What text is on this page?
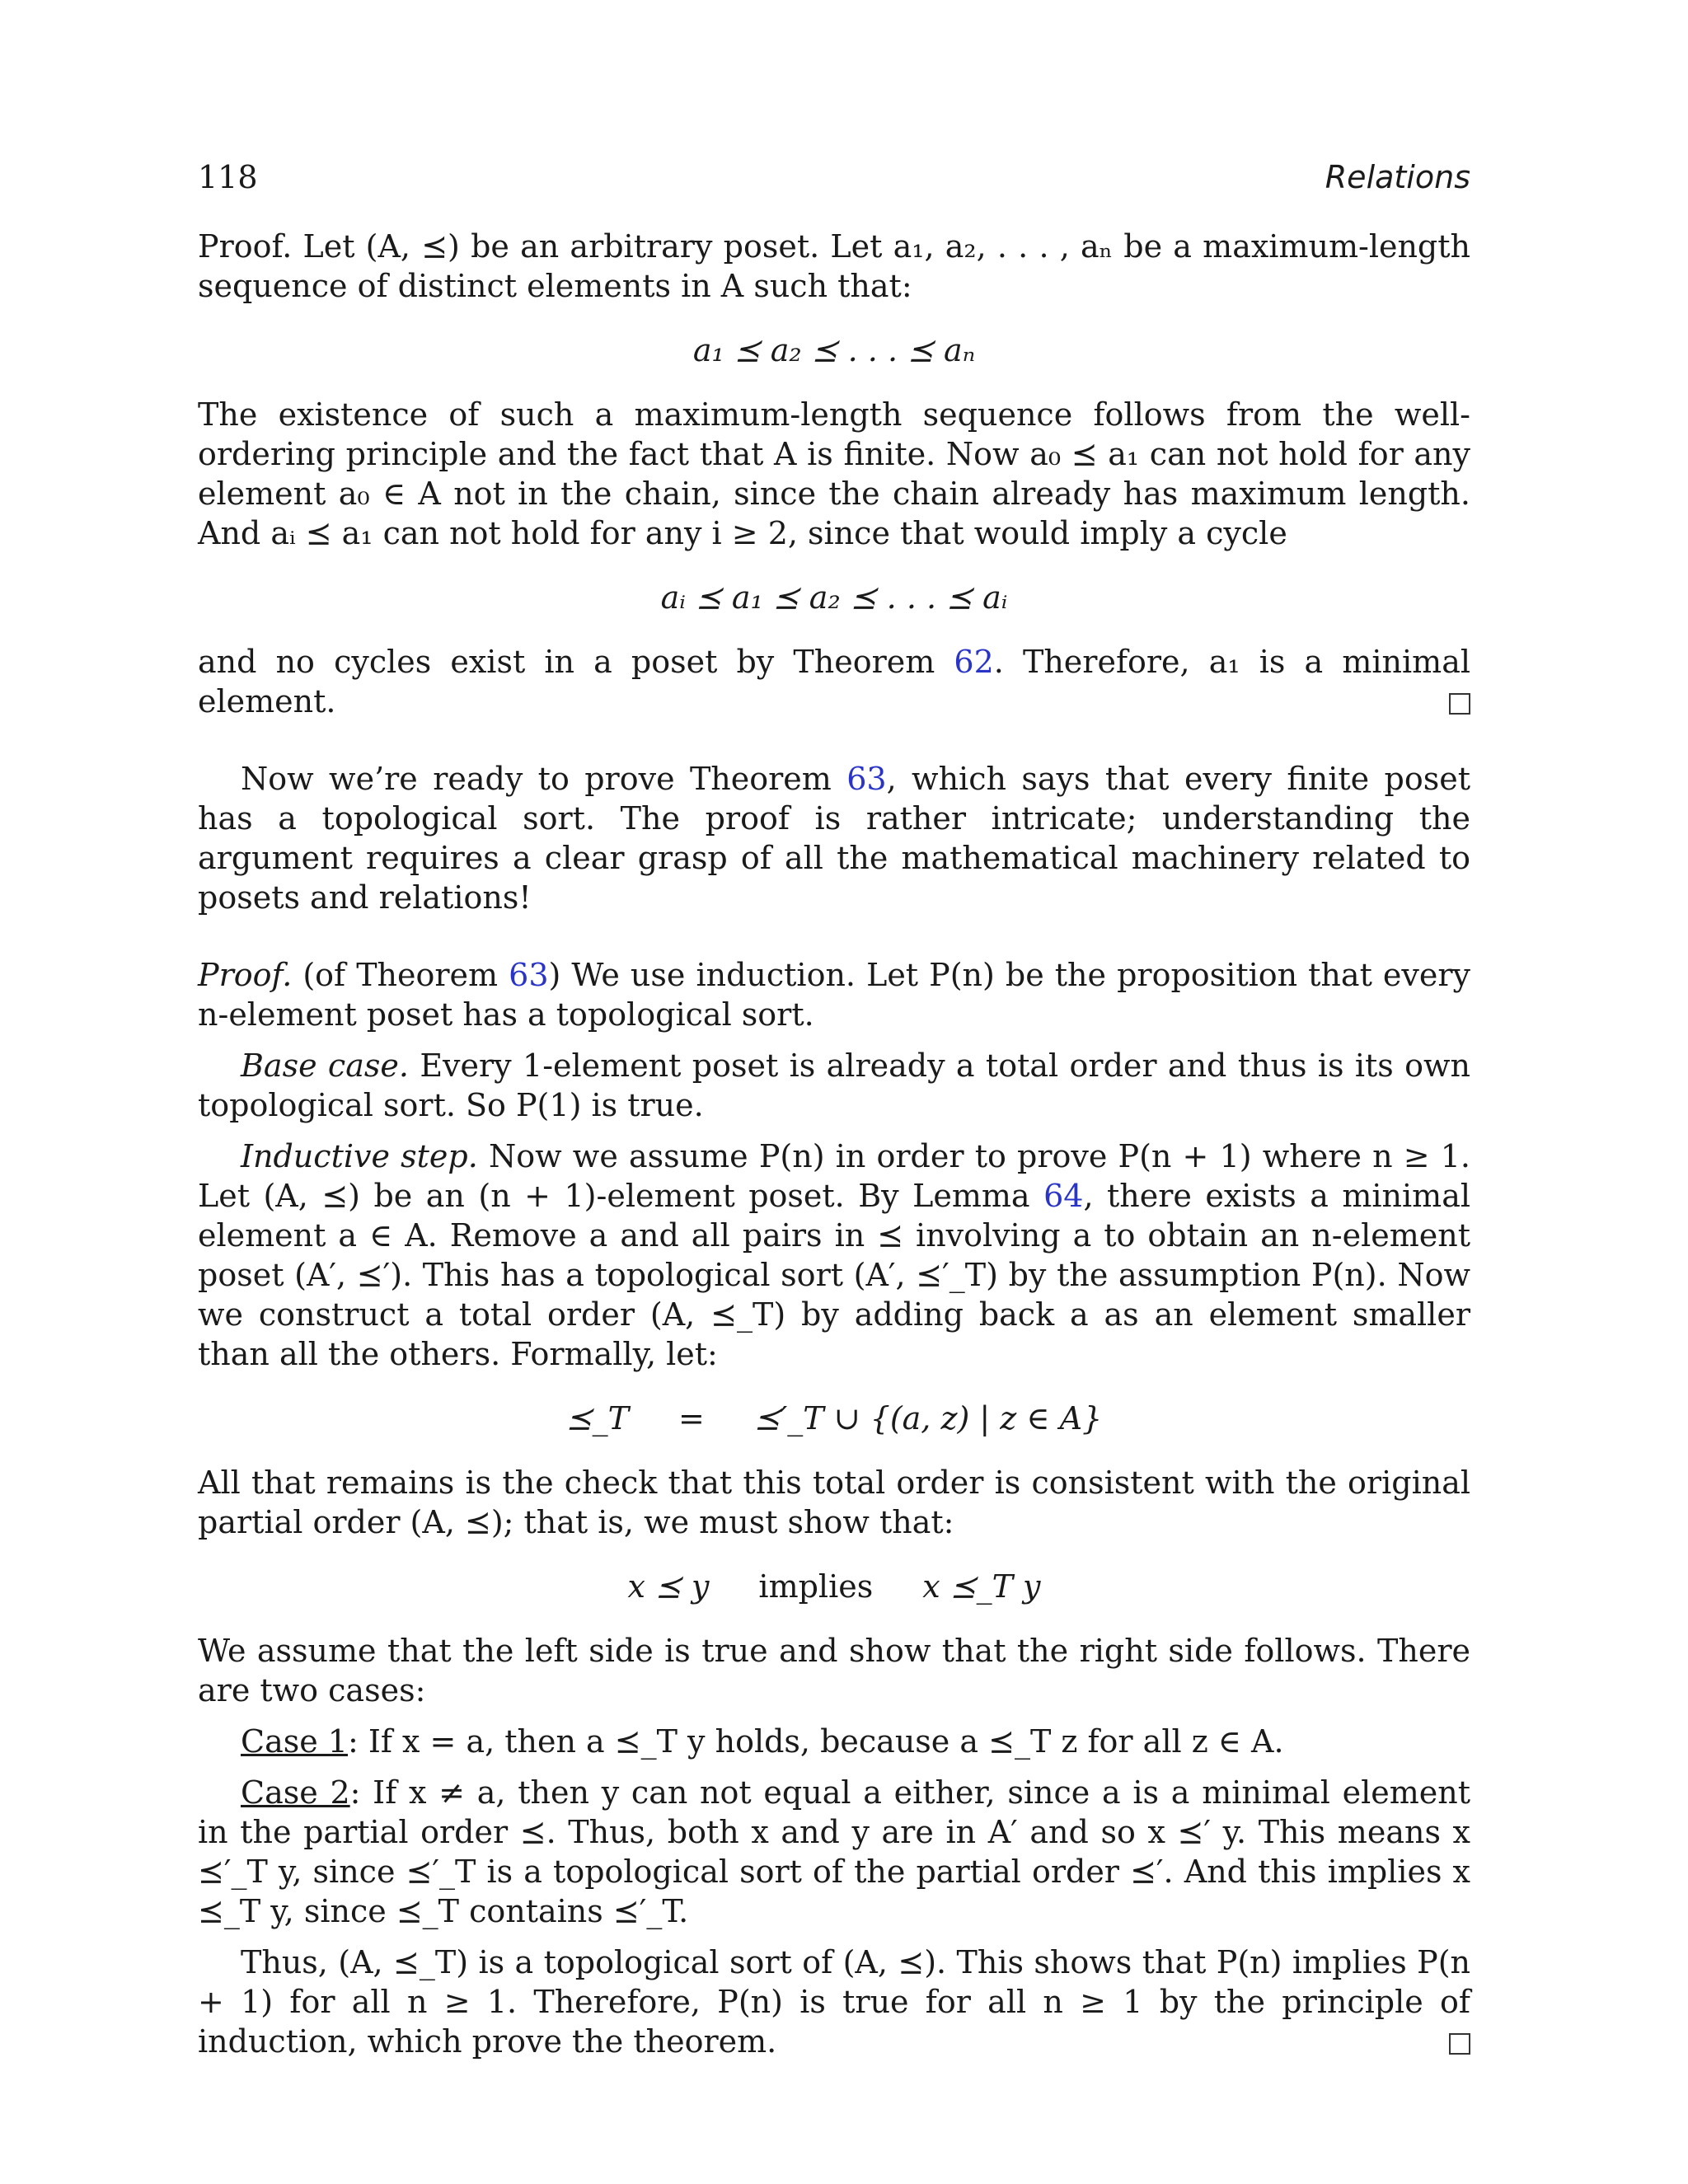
118	Relations

Proof. Let (A, ⪯) be an arbitrary poset. Let a₁, a₂, . . . , aₙ be a maximum-length sequence of distinct elements in A such that:

a₁ ⪯ a₂ ⪯ . . . ⪯ aₙ

The existence of such a maximum-length sequence follows from the well-ordering principle and the fact that A is finite. Now a₀ ⪯ a₁ can not hold for any element a₀ ∈ A not in the chain, since the chain already has maximum length. And aᵢ ⪯ a₁ can not hold for any i ≥ 2, since that would imply a cycle

aᵢ ⪯ a₁ ⪯ a₂ ⪯ . . . ⪯ aᵢ

and no cycles exist in a poset by Theorem 62. Therefore, a₁ is a minimal element.

Now we’re ready to prove Theorem 63, which says that every finite poset has a topological sort. The proof is rather intricate; understanding the argument requires a clear grasp of all the mathematical machinery related to posets and relations!

Proof. (of Theorem 63) We use induction. Let P(n) be the proposition that every n-element poset has a topological sort.

Base case. Every 1-element poset is already a total order and thus is its own topological sort. So P(1) is true.

Inductive step. Now we assume P(n) in order to prove P(n + 1) where n ≥ 1. Let (A, ⪯) be an (n + 1)-element poset. By Lemma 64, there exists a minimal element a ∈ A. Remove a and all pairs in ⪯ involving a to obtain an n-element poset (A′, ⪯′). This has a topological sort (A′, ⪯′_T) by the assumption P(n). Now we construct a total order (A, ⪯_T) by adding back a as an element smaller than all the others. Formally, let:

⪯_T = ⪯′_T ∪ {(a, z) | z ∈ A}

All that remains is the check that this total order is consistent with the original partial order (A, ⪯); that is, we must show that:

x ⪯ y implies x ⪯_T y

We assume that the left side is true and show that the right side follows. There are two cases:

Case 1: If x = a, then a ⪯_T y holds, because a ⪯_T z for all z ∈ A.

Case 2: If x ≠ a, then y can not equal a either, since a is a minimal element in the partial order ⪯. Thus, both x and y are in A′ and so x ⪯′ y. This means x ⪯′_T y, since ⪯′_T is a topological sort of the partial order ⪯′. And this implies x ⪯_T y, since ⪯_T contains ⪯′_T.

Thus, (A, ⪯_T) is a topological sort of (A, ⪯). This shows that P(n) implies P(n + 1) for all n ≥ 1. Therefore, P(n) is true for all n ≥ 1 by the principle of induction, which prove the theorem.
